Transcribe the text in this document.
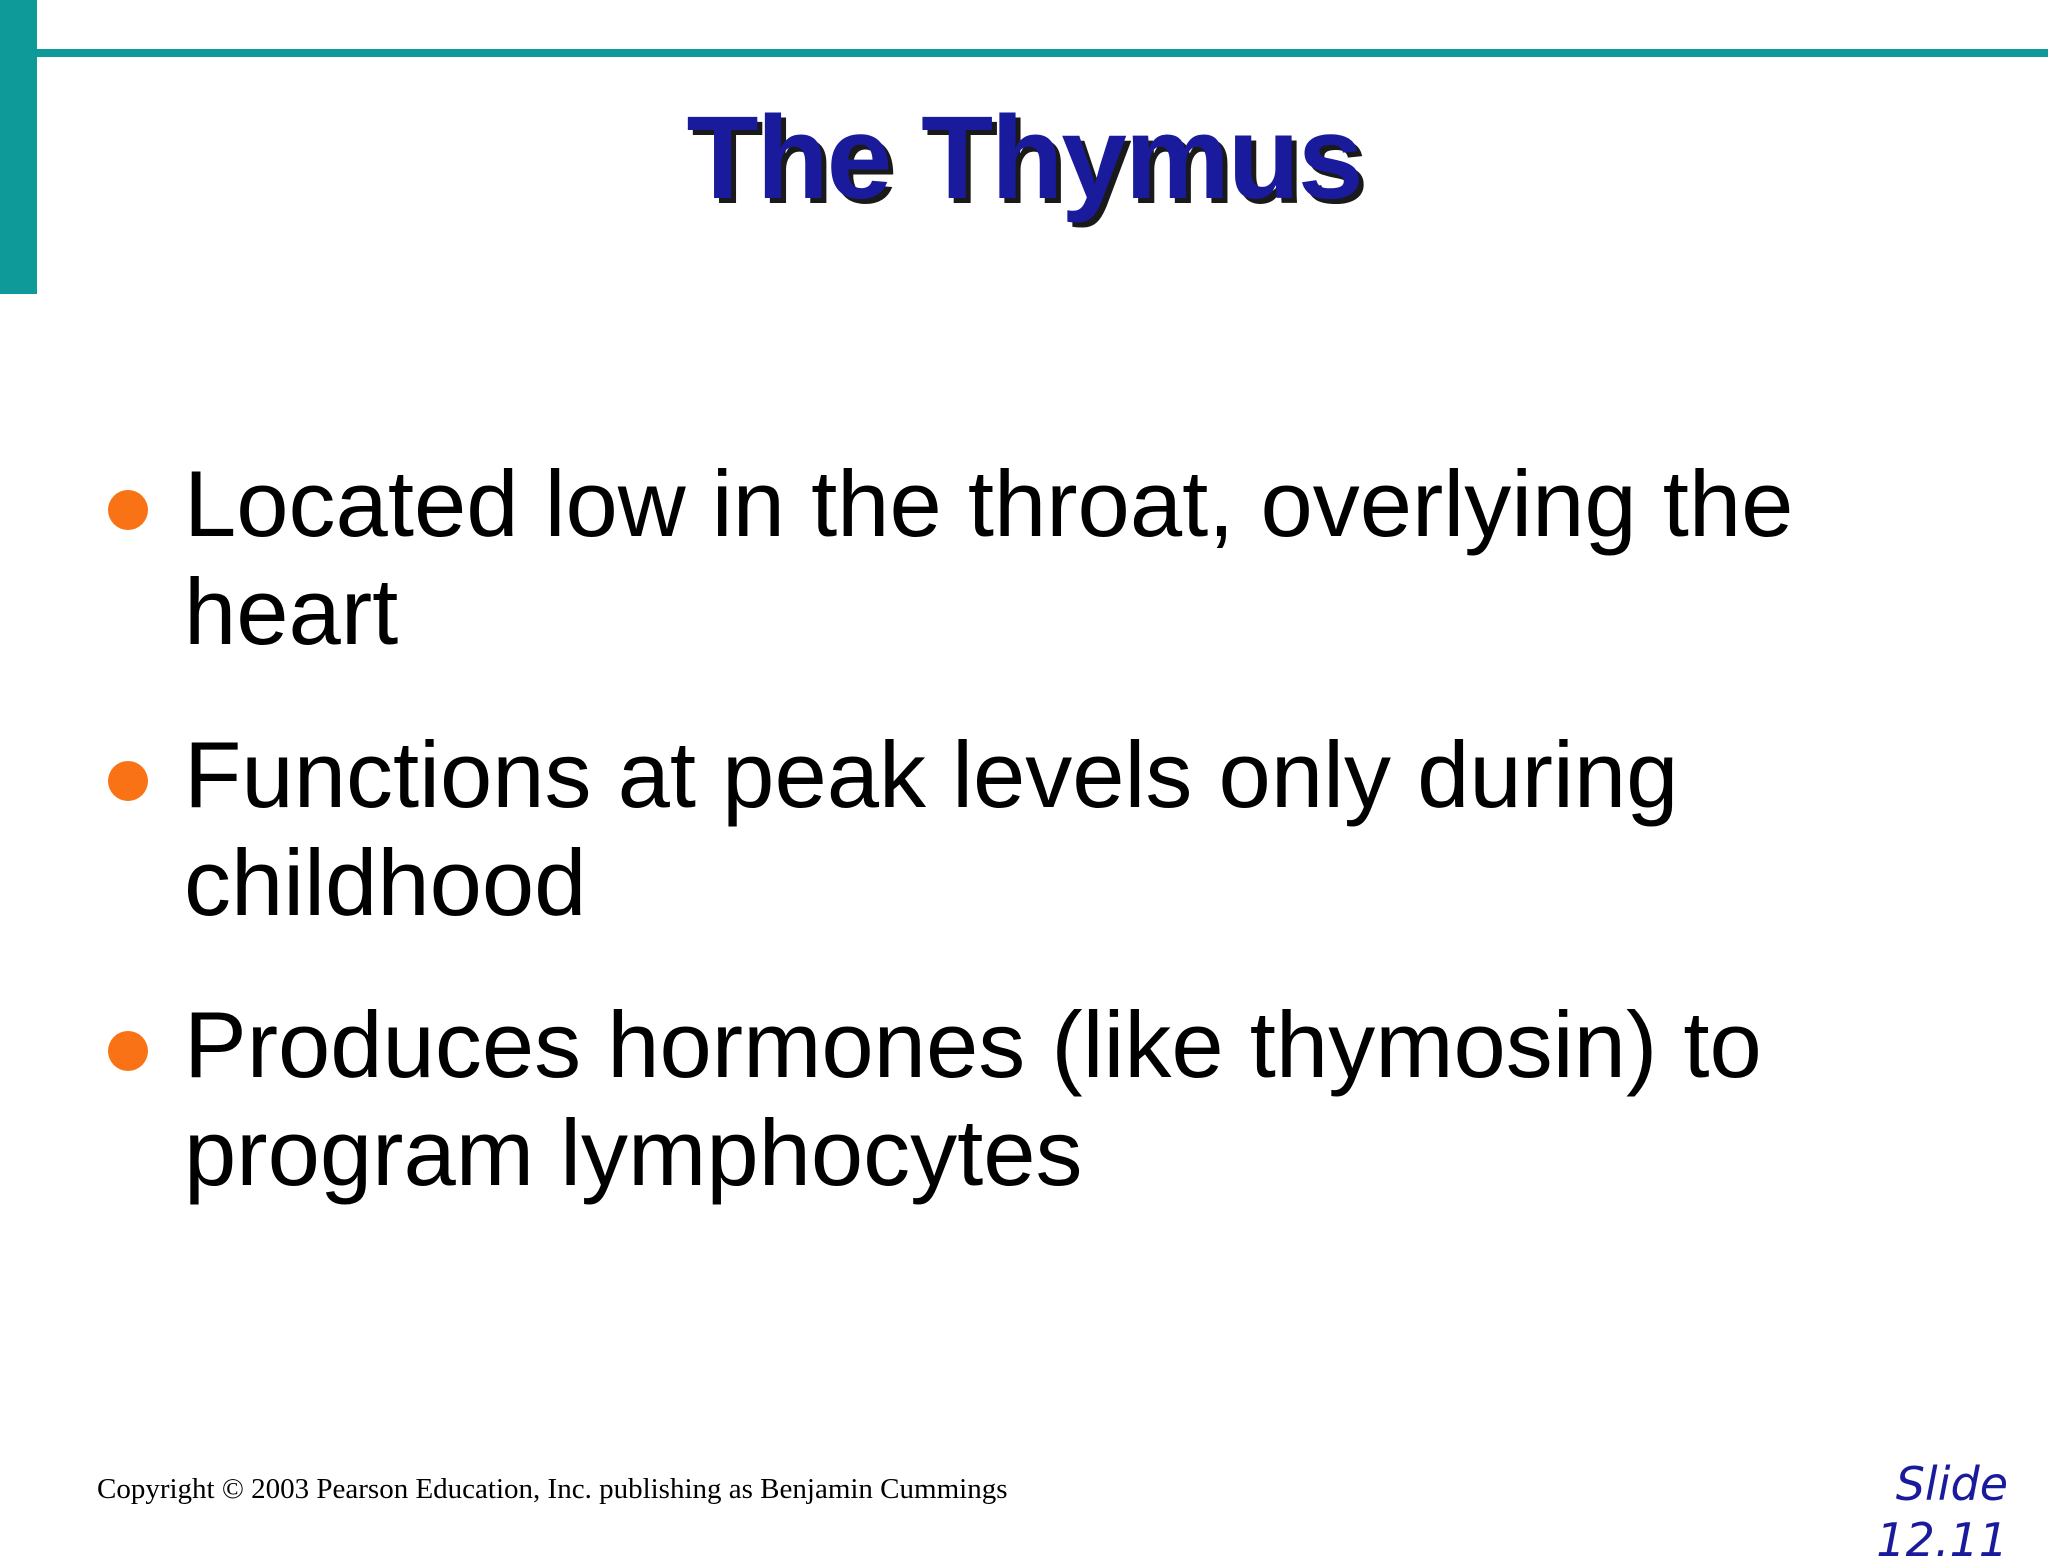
The Thymus
Located low in the throat, overlying the heart
Functions at peak levels only during childhood
Produces hormones (like thymosin) to program lymphocytes
Copyright © 2003 Pearson Education, Inc. publishing as Benjamin Cummings	Slide
12.11
